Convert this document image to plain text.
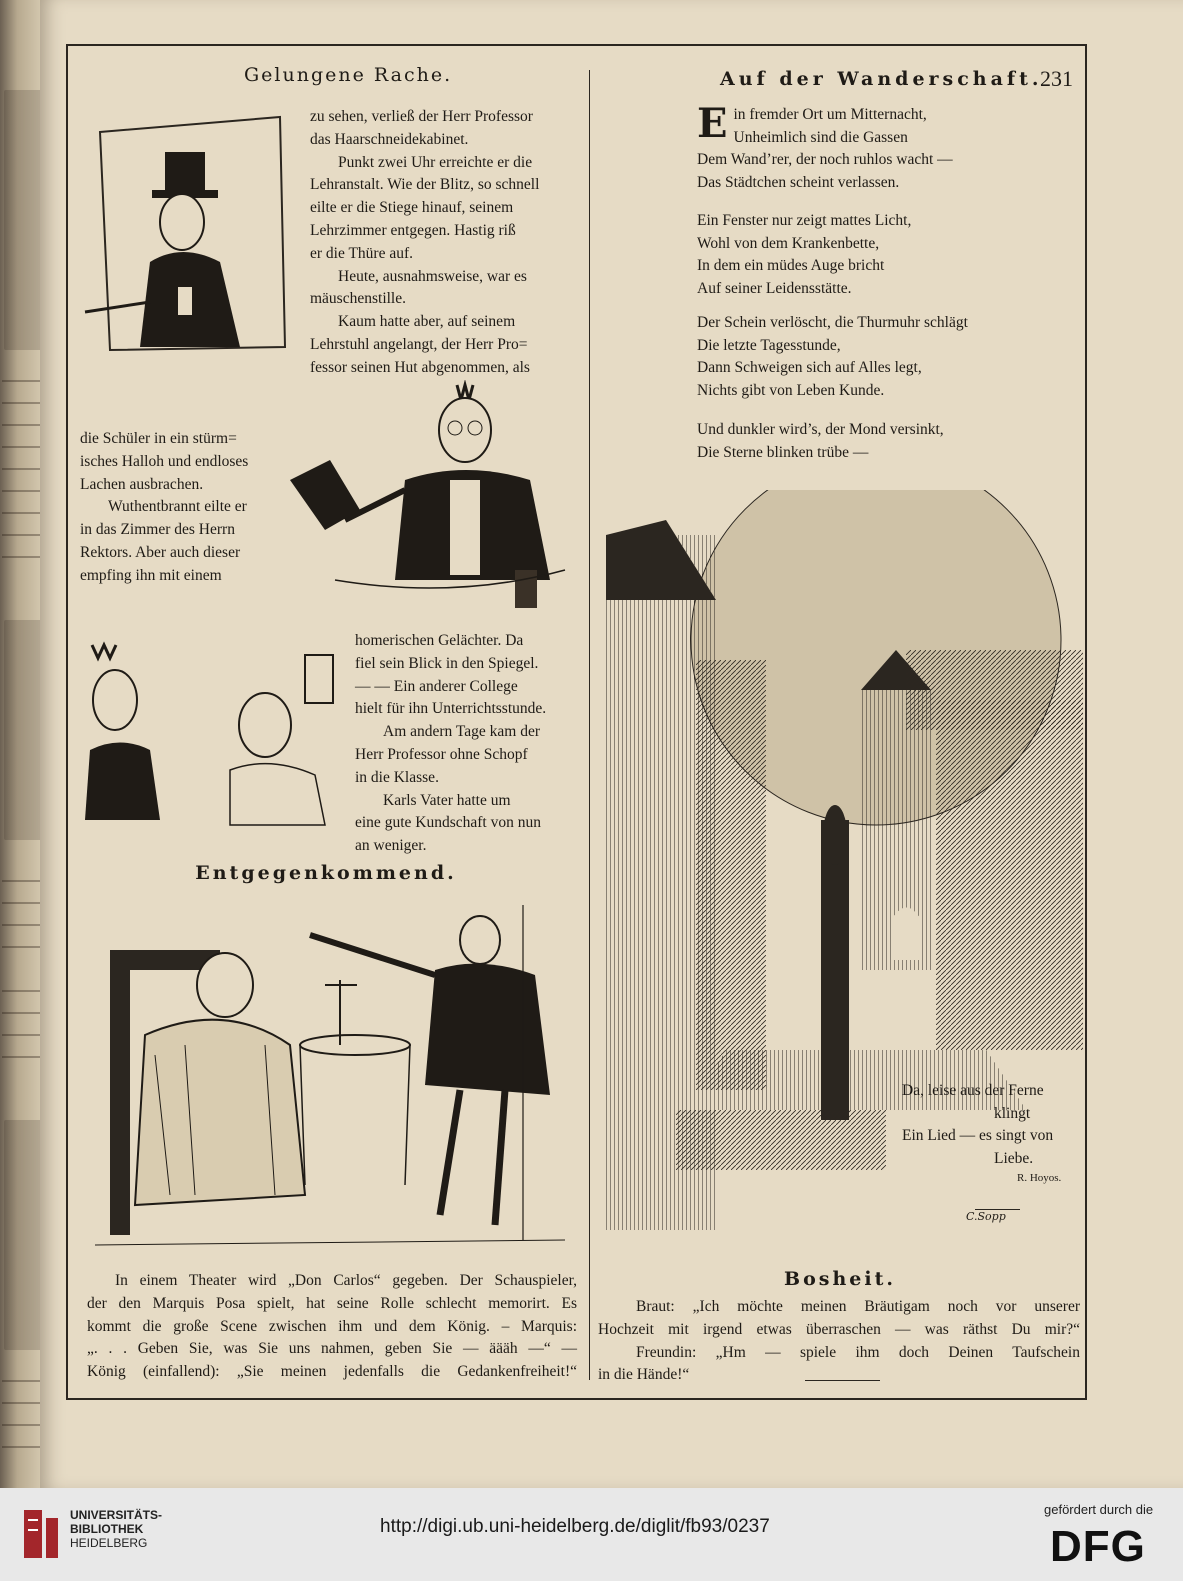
Gelungene Rache.	Auf der Wanderschaft.
231

zu sehen, verließ der Herr Professor

das Haarschneidekabinet.

Punkt zwei Uhr erreichte er die

Lehranstalt. Wie der Blitz, so schnell

eilte er die Stiege hinauf, seinem

Lehrzimmer entgegen. Hastig riß

er die Thüre auf.

Heute, ausnahmsweise, war es

mäuschenstille.

Kaum hatte aber, auf seinem

Lehrstuhl angelangt, der Herr Pro=

fessor seinen Hut abgenommen, als

die Schüler in ein stürm=

isches Halloh und endloses

Lachen ausbrachen.

Wuthentbrannt eilte er

in das Zimmer des Herrn

Rektors. Aber auch dieser

empfing ihn mit einem

homerischen Gelächter. Da

fiel sein Blick in den Spiegel.

— — Ein anderer College

hielt für ihn Unterrichtsstunde.

Am andern Tage kam der

Herr Professor ohne Schopf

in die Klasse.

Karls Vater hatte um

eine gute Kundschaft von nun

an weniger.

Entgegenkommend.

In einem Theater wird „Don Carlos“ gegeben. Der Schauspieler,

der den Marquis Posa spielt, hat seine Rolle schlecht memorirt. Es

kommt die große Scene zwischen ihm und dem König. – Marquis:

„. . . Geben Sie, was Sie uns nahmen, geben Sie — äääh —“ —

König (einfallend): „Sie meinen jedenfalls die Gedankenfreiheit!“

E in fremder Ort um Mitternacht,
Unheimlich sind die Gassen
Dem Wand’rer, der noch ruhlos wacht —
Das Städtchen scheint verlassen.
Ein Fenster nur zeigt mattes Licht,
Wohl von dem Krankenbette,
In dem ein müdes Auge bricht
Auf seiner Leidensstätte.
Der Schein verlöscht, die Thurmuhr schlägt
Die letzte Tagesstunde,
Dann Schweigen sich auf Alles legt,
Nichts gibt von Leben Kunde.
Und dunkler wird’s, der Mond versinkt,
Die Sterne blinken trübe —
C.Sopp
Da, leise aus der Ferne
klingt
Ein Lied — es singt von
Liebe.
R. Hoyos.
Bosheit.

Braut: „Ich möchte meinen Bräutigam noch vor unserer

Hochzeit mit irgend etwas überraschen — was räthst Du mir?“

Freundin: „Hm — spiele ihm doch Deinen Taufschein

in die Hände!“

UNIVERSITÄTS-
BIBLIOTHEK
HEIDELBERG
http://digi.ub.uni-heidelberg.de/diglit/fb93/0237
gefördert durch die
DFG
